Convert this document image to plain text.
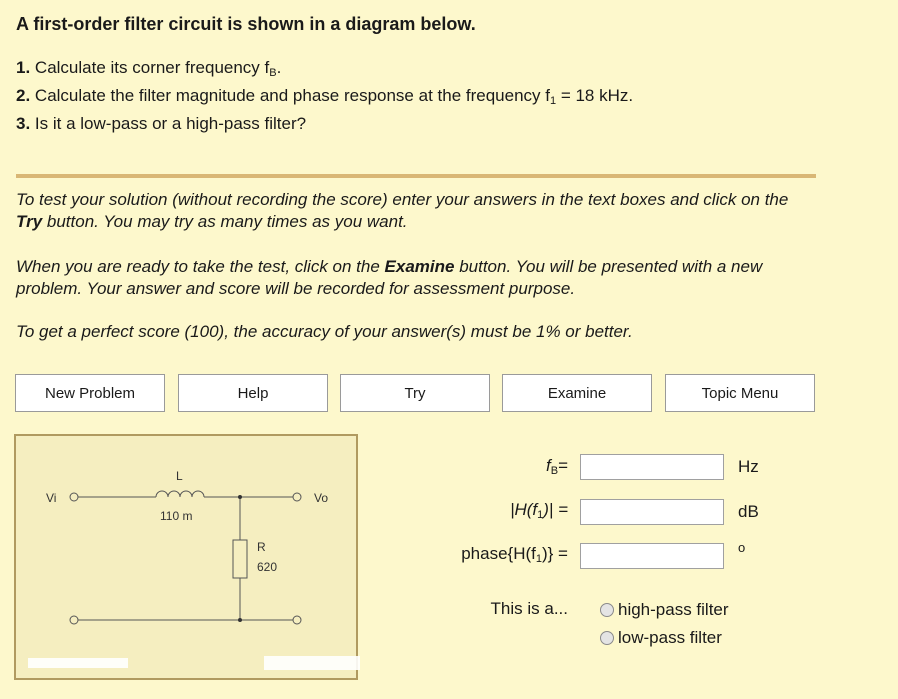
A first-order filter circuit is shown in a diagram below.
1. Calculate its corner frequency $f_B$.
2. Calculate the filter magnitude and phase response at the frequency $f_1 = 18$ kHz.
3. Is it a low-pass or a high-pass filter?
To test your solution (without recording the score) enter your answers in the text boxes and click on the Try button. You may try as many times as you want.
When you are ready to take the test, click on the Examine button. You will be presented with a new problem. Your answer and score will be recorded for assessment purpose.
To get a perfect score (100), the accuracy of your answer(s) must be 1% or better.
New Problem	Help	Try	Examine	Topic Menu
Vi	Vo
L
110 m
R
620
$f_B=$	Hz
$|H(f_1)|$ =	dB
$phase\{H(f_1)\}$ =	o
This is a...	high-pass filter
low-pass filter
